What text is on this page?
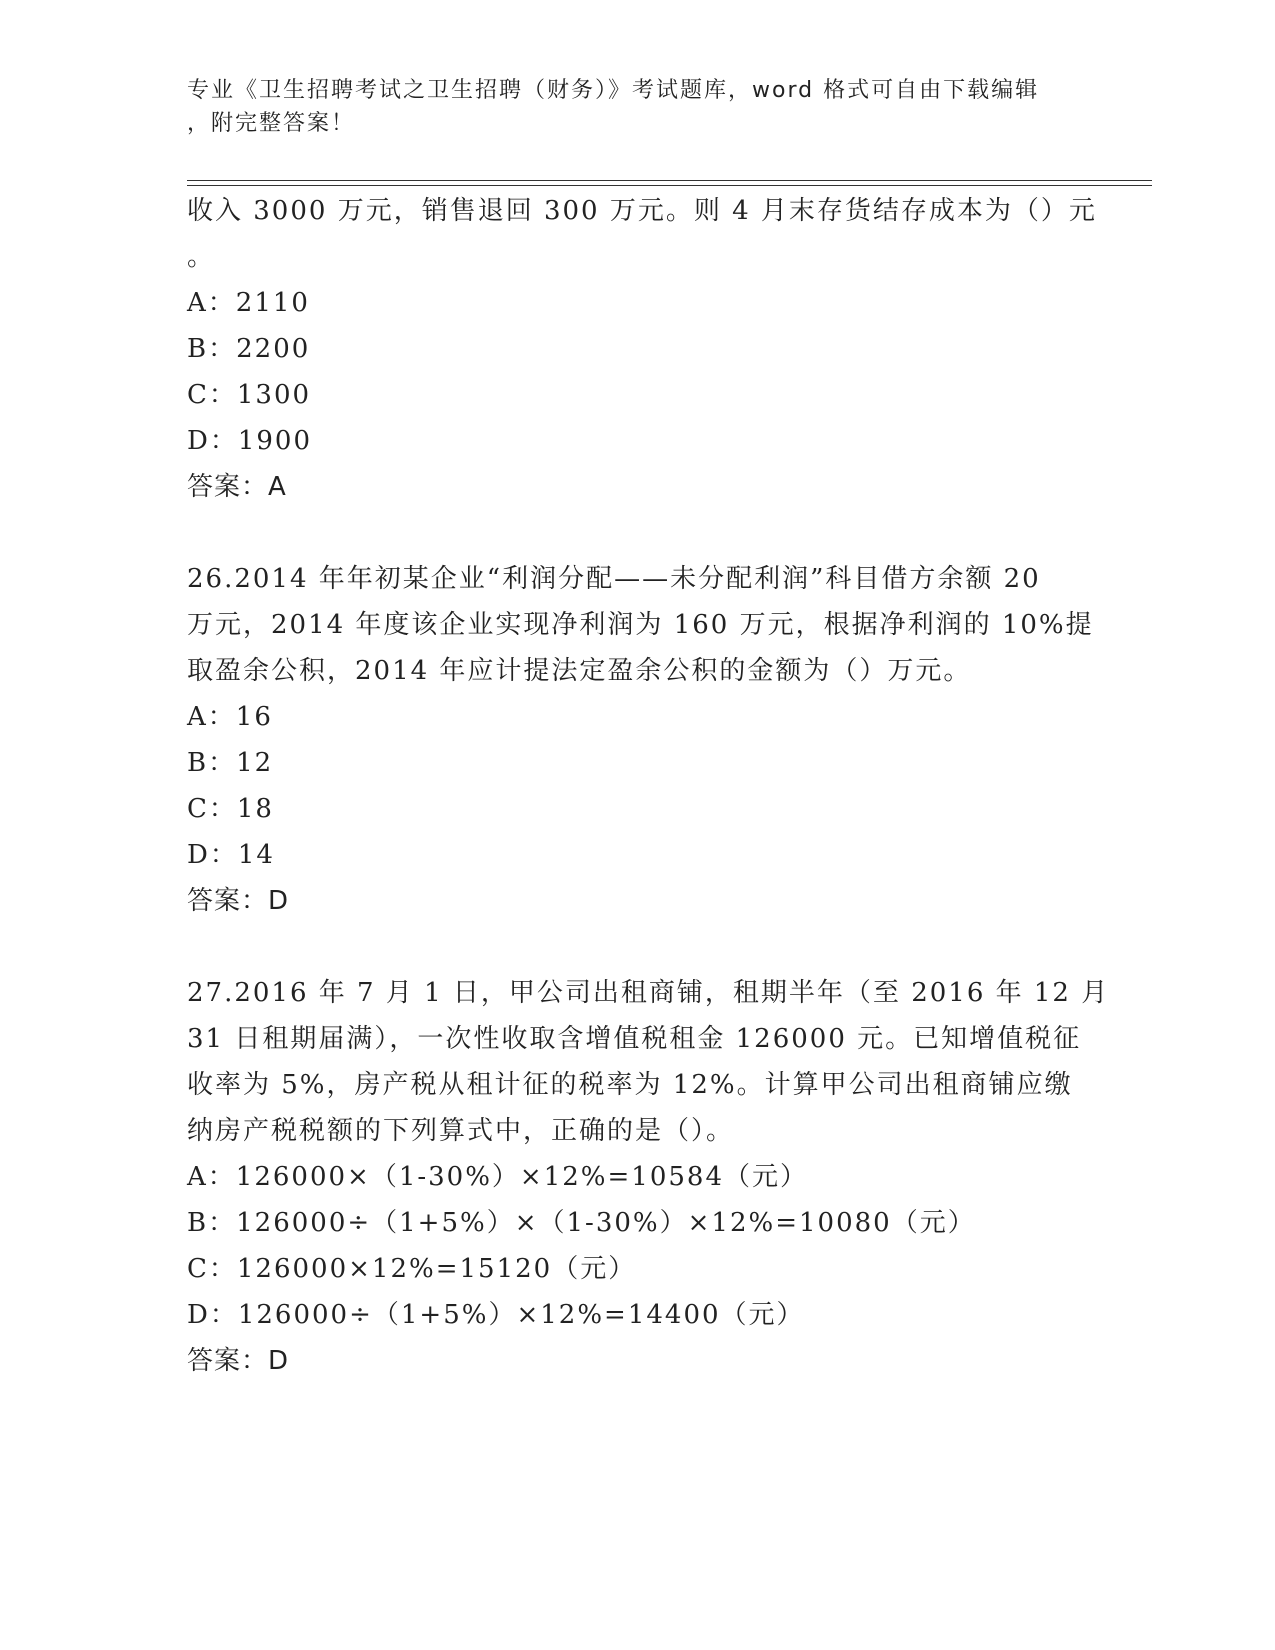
专业《卫生招聘考试之卫生招聘（财务）》考试题库，word 格式可自由下载编辑
，附完整答案！
收入 3000 万元，销售退回 300 万元。则 4 月末存货结存成本为（）元
。
A：2110
B：2200
C：1300
D：1900
答案：A
26.2014 年年初某企业“利润分配——未分配利润”科目借方余额 20
万元，2014 年度该企业实现净利润为 160 万元，根据净利润的 10%提
取盈余公积，2014 年应计提法定盈余公积的金额为（）万元。
A：16
B：12
C：18
D：14
答案：D
27.2016 年 7 月 1 日，甲公司出租商铺，租期半年（至 2016 年 12 月
31 日租期届满），一次性收取含增值税租金 126000 元。已知增值税征
收率为 5%，房产税从租计征的税率为 12%。计算甲公司出租商铺应缴
纳房产税税额的下列算式中，正确的是（）。
A：126000×（1-30%）×12%=10584（元）
B：126000÷（1+5%）×（1-30%）×12%=10080（元）
C：126000×12%=15120（元）
D：126000÷（1+5%）×12%=14400（元）
答案：D
